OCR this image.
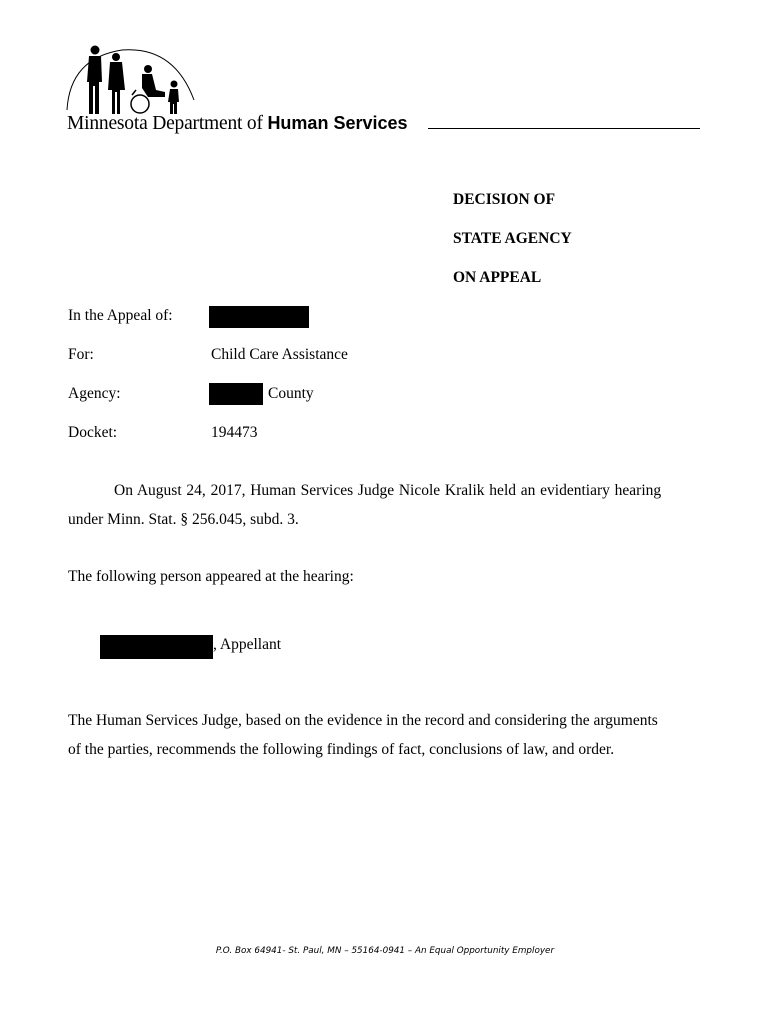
Minnesota Department of Human Services
DECISION OF
STATE AGENCY
ON APPEAL
In the Appeal of:
For:	Child Care Assistance
Agency:	County
Docket:	194473
On August 24, 2017, Human Services Judge Nicole Kralik held an evidentiary hearing
under Minn. Stat. § 256.045, subd. 3.
The following person appeared at the hearing:
, Appellant
The Human Services Judge, based on the evidence in the record and considering the arguments
of the parties, recommends the following findings of fact, conclusions of law, and order.
P.O. Box 64941- St. Paul, MN – 55164-0941 – An Equal Opportunity Employer
